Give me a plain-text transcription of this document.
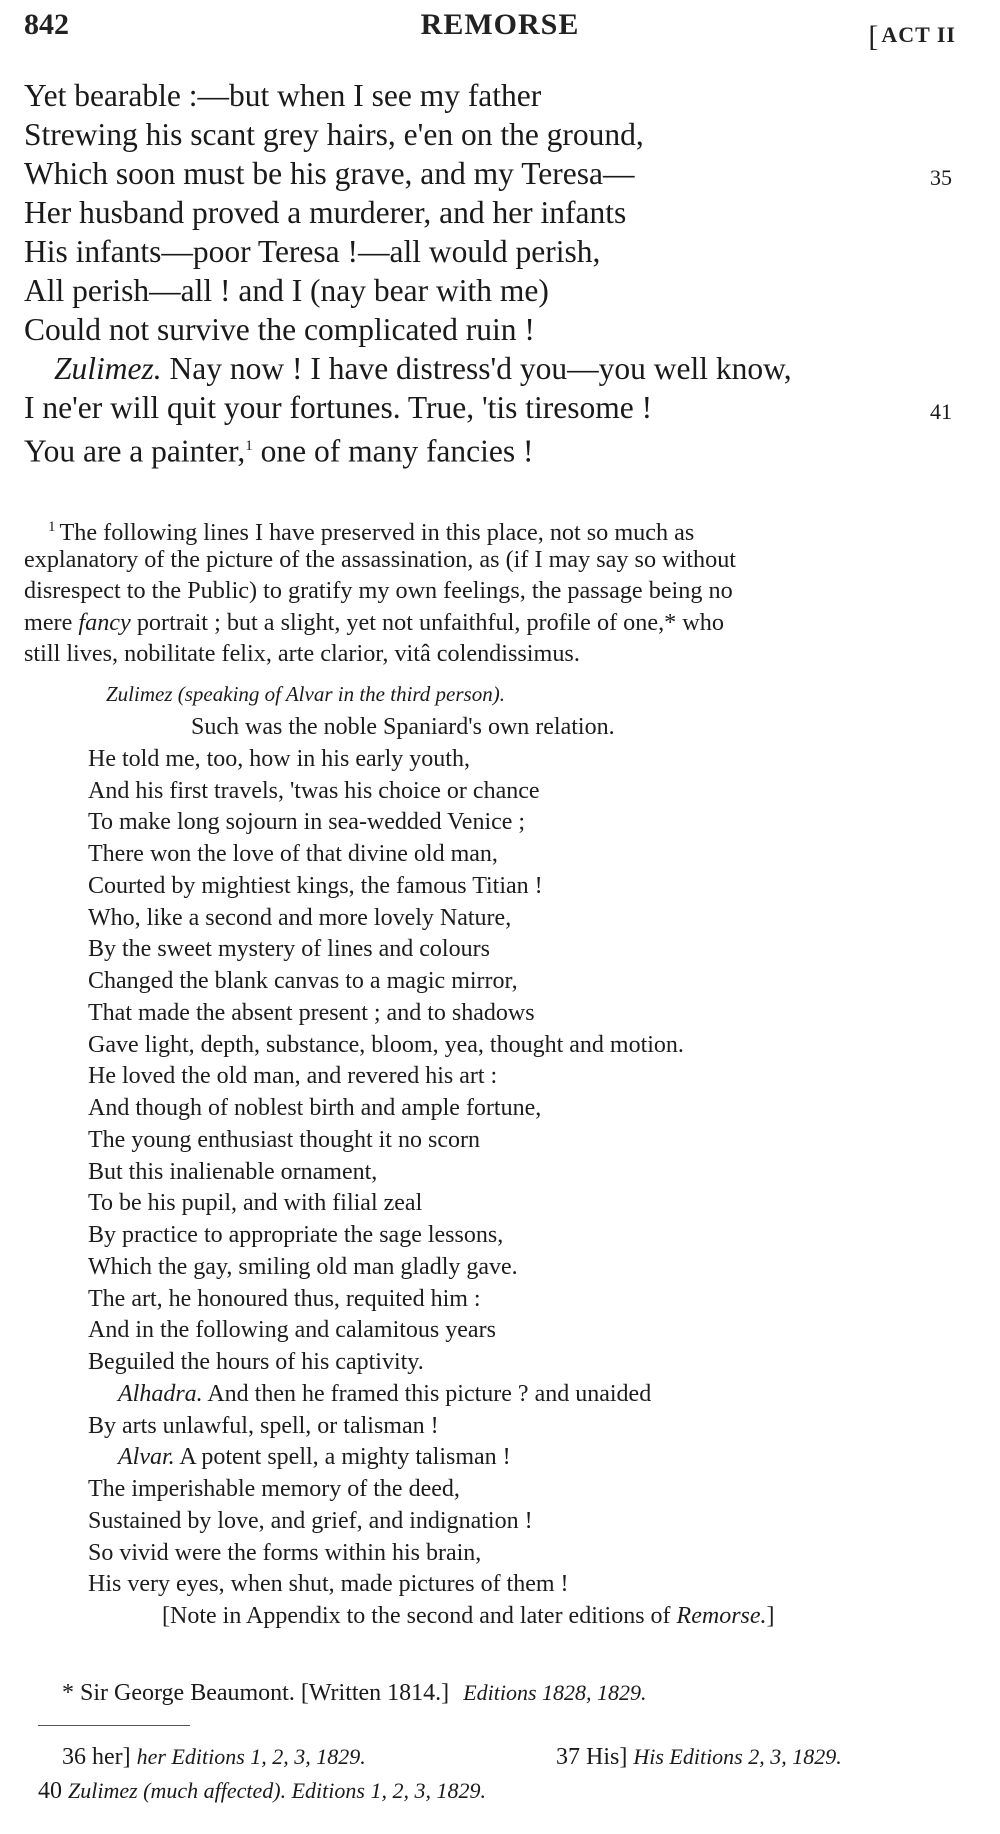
842	REMORSE	[ACT II
Yet bearable :—but when I see my father
Strewing his scant grey hairs, e'en on the ground,
Which soon must be his grave, and my Teresa—	35
Her husband proved a murderer, and her infants
His infants—poor Teresa !—all would perish,
All perish—all ! and I (nay bear with me)
Could not survive the complicated ruin !
Zulimez. Nay now ! I have distress'd you—you well know,
I ne'er will quit your fortunes. True, 'tis tiresome !	41
You are a painter,$^1$ one of many fancies !
$^1$ The following lines I have preserved in this place, not so much as
explanatory of the picture of the assassination, as (if I may say so without
disrespect to the Public) to gratify my own feelings, the passage being no
mere fancy portrait ; but a slight, yet not unfaithful, profile of one,* who
still lives, nobilitate felix, arte clarior, vitâ colendissimus.
Zulimez (speaking of Alvar in the third person).
Such was the noble Spaniard's own relation.
He told me, too, how in his early youth,
And his first travels, 'twas his choice or chance
To make long sojourn in sea-wedded Venice ;
There won the love of that divine old man,
Courted by mightiest kings, the famous Titian !
Who, like a second and more lovely Nature,
By the sweet mystery of lines and colours
Changed the blank canvas to a magic mirror,
That made the absent present ; and to shadows
Gave light, depth, substance, bloom, yea, thought and motion.
He loved the old man, and revered his art :
And though of noblest birth and ample fortune,
The young enthusiast thought it no scorn
But this inalienable ornament,
To be his pupil, and with filial zeal
By practice to appropriate the sage lessons,
Which the gay, smiling old man gladly gave.
The art, he honoured thus, requited him :
And in the following and calamitous years
Beguiled the hours of his captivity.
Alhadra. And then he framed this picture ? and unaided
By arts unlawful, spell, or talisman !
Alvar. A potent spell, a mighty talisman !
The imperishable memory of the deed,
Sustained by love, and grief, and indignation !
So vivid were the forms within his brain,
His very eyes, when shut, made pictures of them !
[Note in Appendix to the second and later editions of Remorse.]
* Sir George Beaumont. [Written 1814.] Editions 1828, 1829.
36 her] her Editions 1, 2, 3, 1829.	37 His] His Editions 2, 3, 1829.
40 Zulimez (much affected). Editions 1, 2, 3, 1829.
